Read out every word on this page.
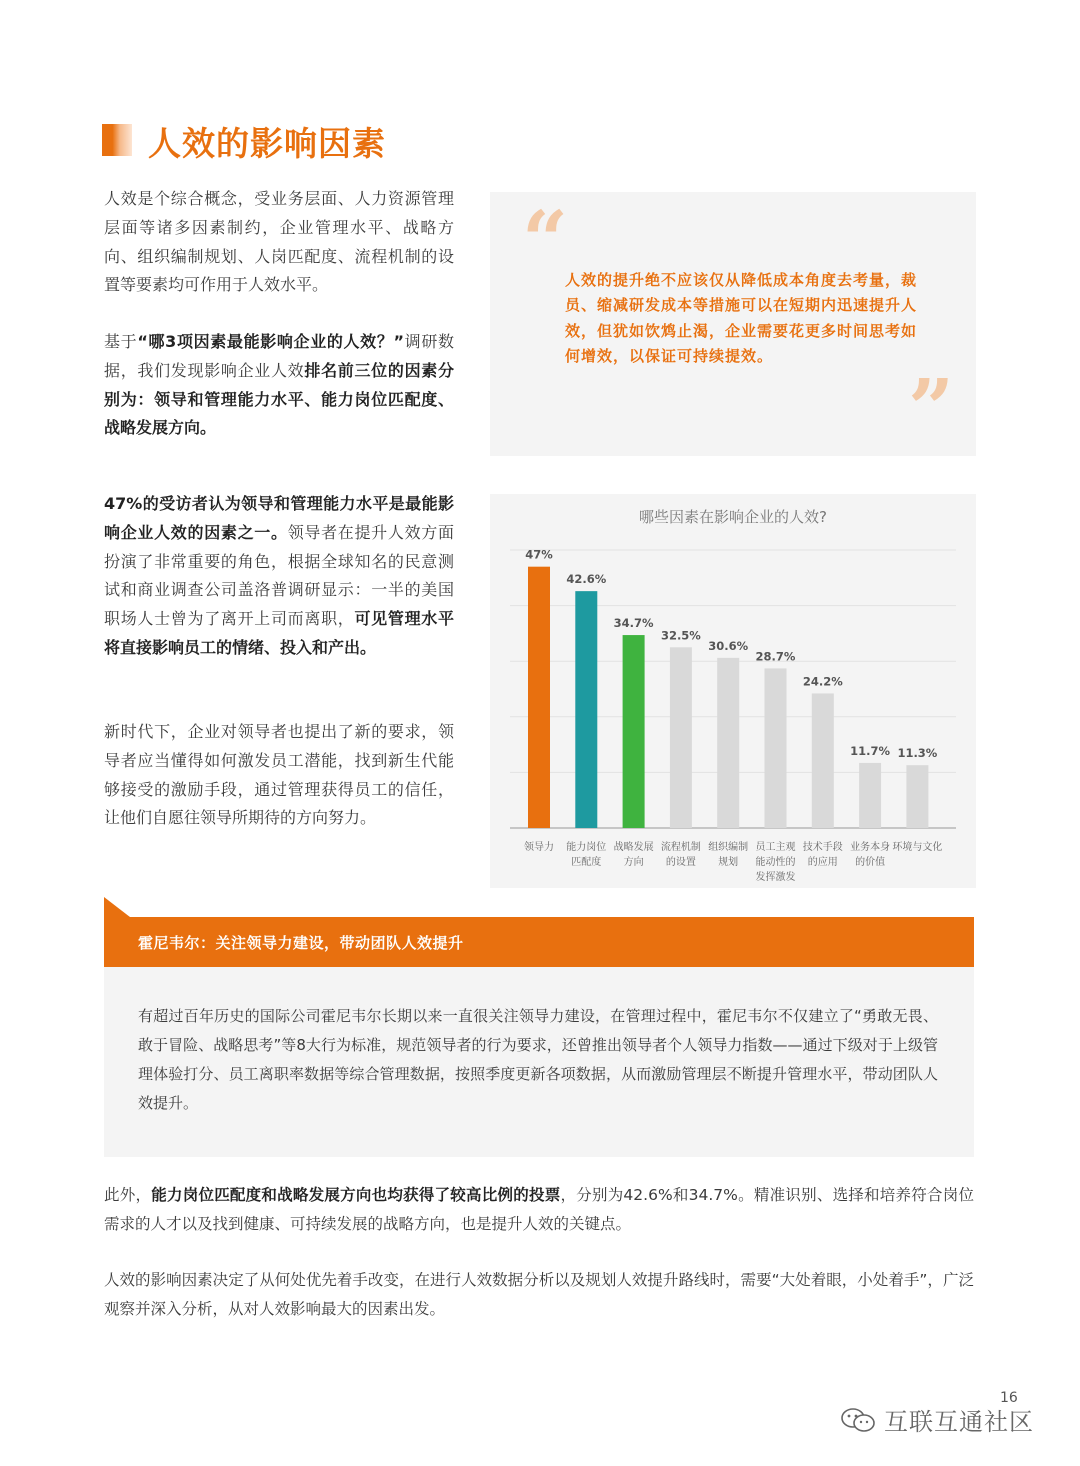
人效的影响因素
人效是个综合概念，受业务层面、人力资源管理层面等诸多因素制约，企业管理水平、战略方向、组织编制规划、人岗匹配度、流程机制的设置等要素均可作用于人效水平。
基于“哪3项因素最能影响企业的人效？”调研数据，我们发现影响企业人效排名前三位的因素分别为：领导和管理能力水平、能力岗位匹配度、战略发展方向。
47%的受访者认为领导和管理能力水平是最能影响企业人效的因素之一。领导者在提升人效方面扮演了非常重要的角色，根据全球知名的民意测试和商业调查公司盖洛普调研显示：一半的美国职场人士曾为了离开上司而离职，可见管理水平将直接影响员工的情绪、投入和产出。
新时代下，企业对领导者也提出了新的要求，领导者应当懂得如何激发员工潜能，找到新生代能够接受的激励手段，通过管理获得员工的信任，让他们自愿往领导所期待的方向努力。
“
人效的提升绝不应该仅从降低成本角度去考量，裁员、缩减研发成本等措施可以在短期内迅速提升人效，但犹如饮鸩止渴，企业需要花更多时间思考如何增效，以保证可持续提效。
”
哪些因素在影响企业的人效?
47%
领导力
42.6%
能力岗位
匹配度
34.7%
战略发展
方向
32.5%
流程机制
的设置
30.6%
组织编制
规划
28.7%
员工主观
能动性的
发挥激发
24.2%
技术手段
的应用
11.7%
业务本身
的价值
11.3%
环境与文化
霍尼韦尔：关注领导力建设，带动团队人效提升
有超过百年历史的国际公司霍尼韦尔长期以来一直很关注领导力建设，在管理过程中，霍尼韦尔不仅建立了“勇敢无畏、敢于冒险、战略思考”等8大行为标准，规范领导者的行为要求，还曾推出领导者个人领导力指数——通过下级对于上级管理体验打分、员工离职率数据等综合管理数据，按照季度更新各项数据，从而激励管理层不断提升管理水平，带动团队人效提升。
此外，能力岗位匹配度和战略发展方向也均获得了较高比例的投票，分别为42.6%和34.7%。精准识别、选择和培养符合岗位需求的人才以及找到健康、可持续发展的战略方向，也是提升人效的关键点。
人效的影响因素决定了从何处优先着手改变，在进行人效数据分析以及规划人效提升路线时，需要“大处着眼，小处着手”，广泛观察并深入分析，从对人效影响最大的因素出发。
16
互联互通社区
